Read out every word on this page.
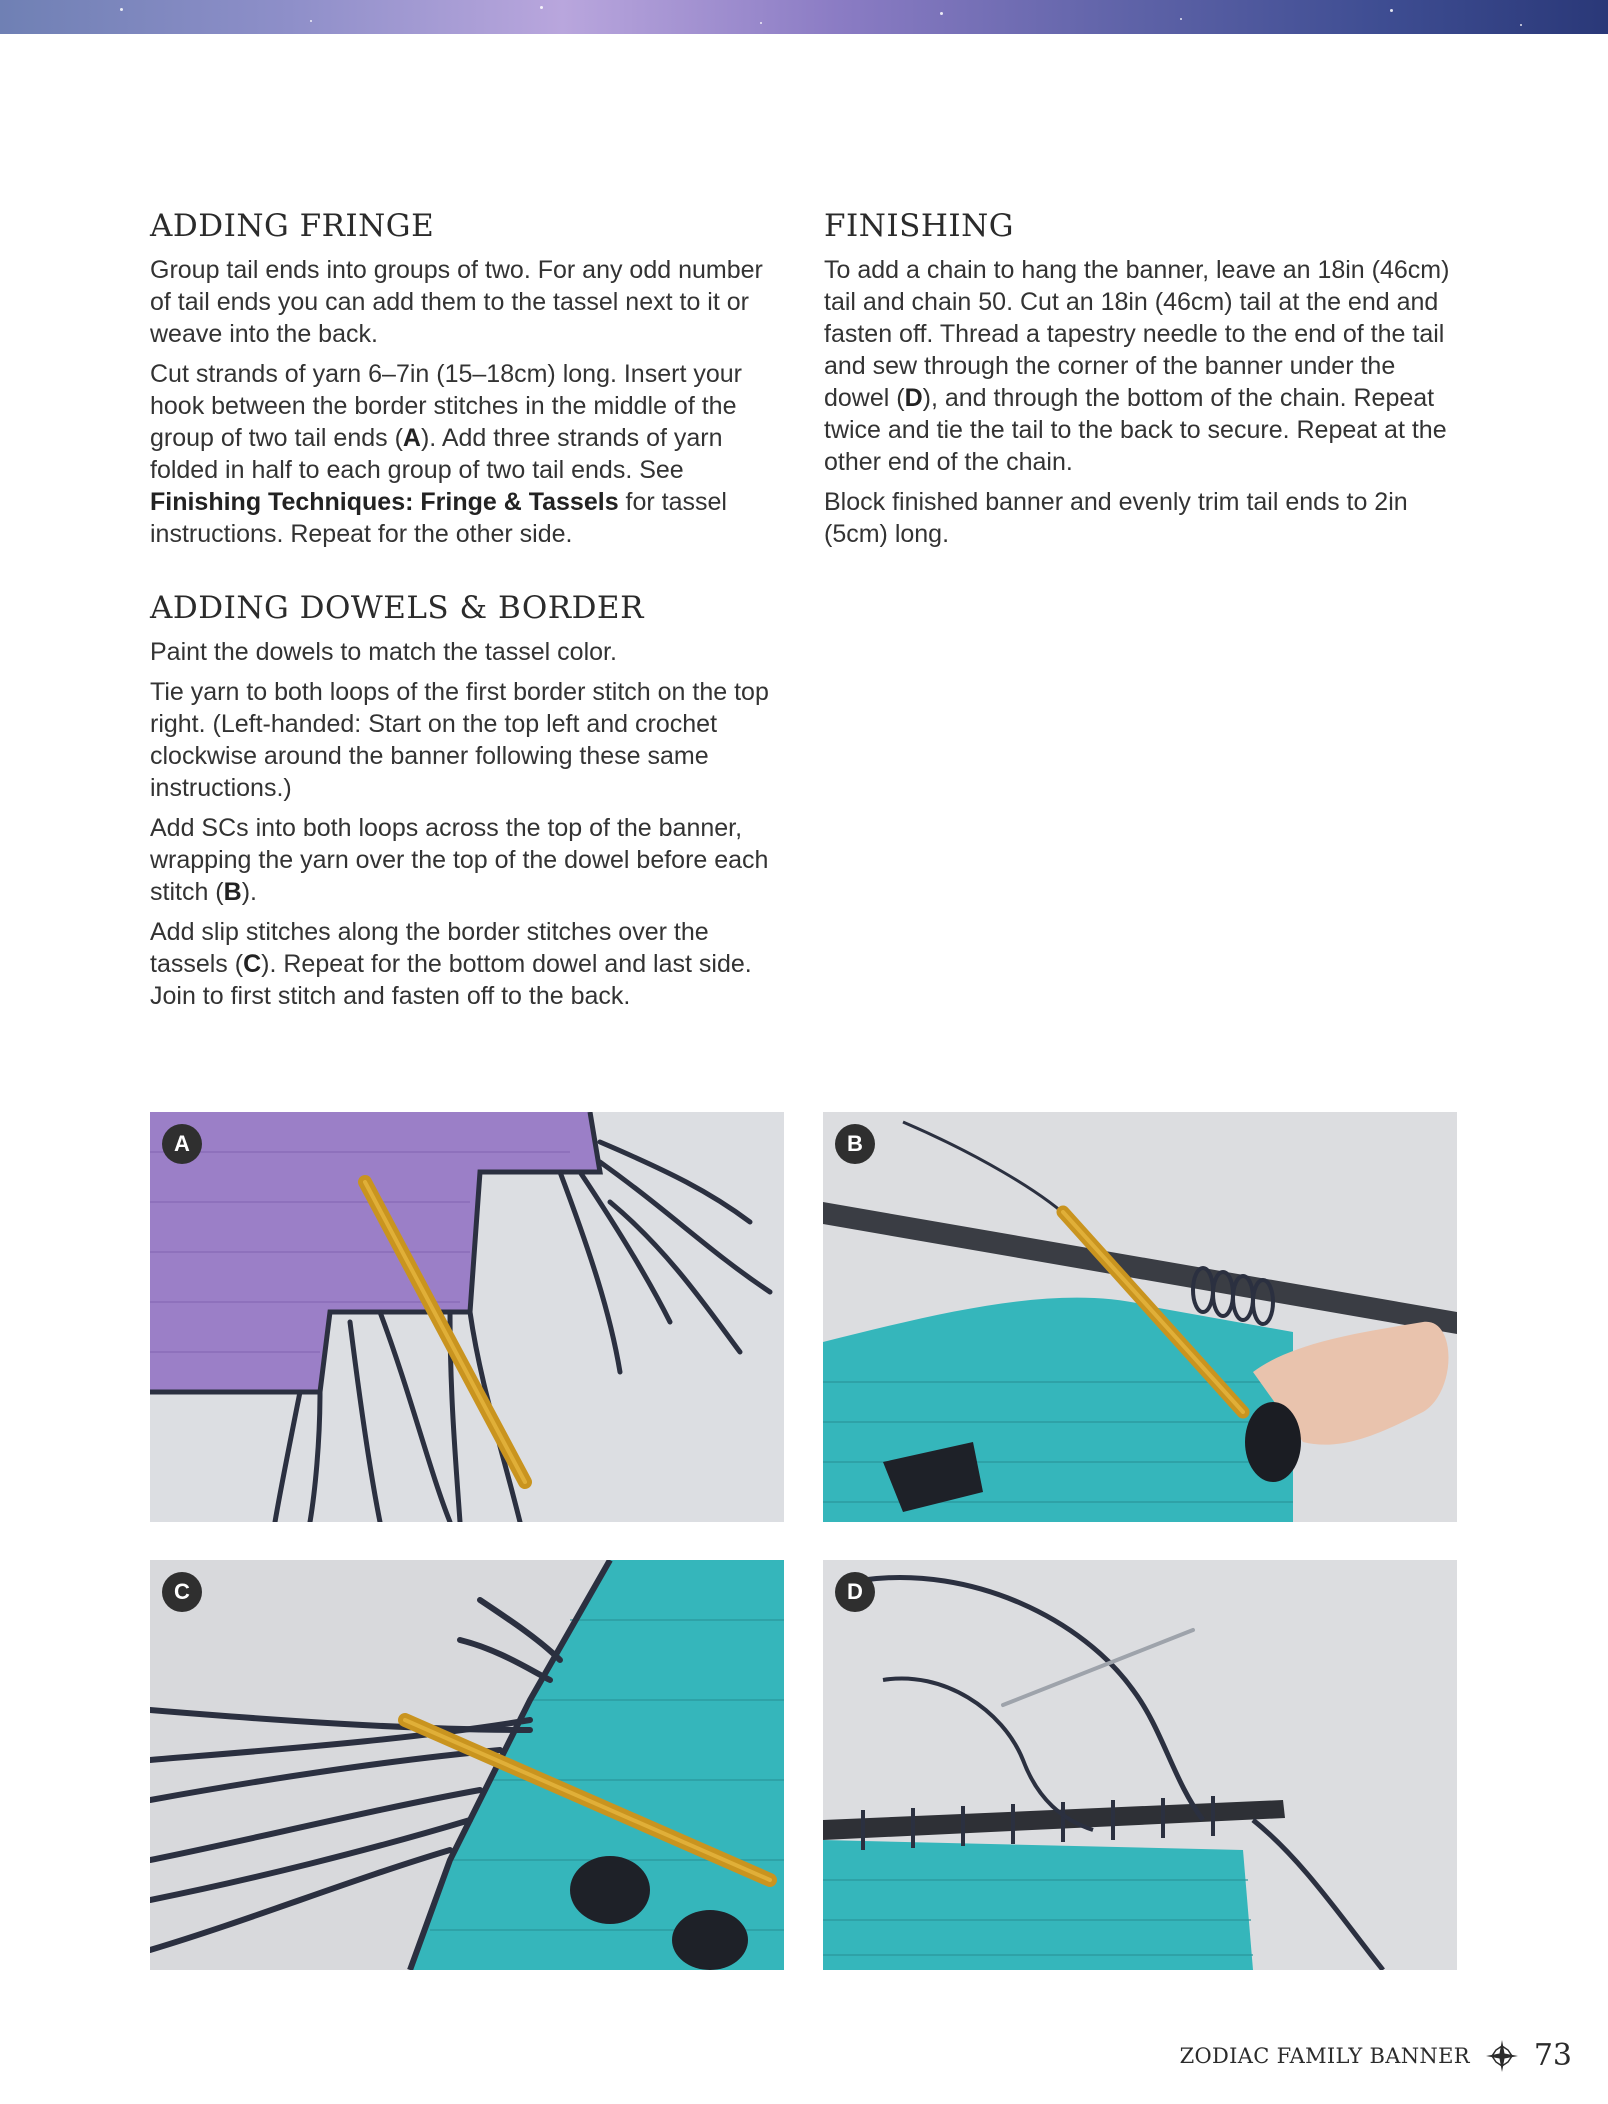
ADDING FRINGE

Group tail ends into groups of two. For any odd number of tail ends you can add them to the tassel next to it or weave into the back.

Cut strands of yarn 6–7in (15–18cm) long. Insert your hook between the border stitches in the middle of the group of two tail ends (A). Add three strands of yarn folded in half to each group of two tail ends. See Finishing Techniques: Fringe & Tassels for tassel instructions. Repeat for the other side.

ADDING DOWELS & BORDER

Paint the dowels to match the tassel color.

Tie yarn to both loops of the first border stitch on the top right. (Left-handed: Start on the top left and crochet clockwise around the banner following these same instructions.)

Add SCs into both loops across the top of the banner, wrapping the yarn over the top of the dowel before each stitch (B).

Add slip stitches along the border stitches over the tassels (C). Repeat for the bottom dowel and last side. Join to first stitch and fasten off to the back.

FINISHING

To add a chain to hang the banner, leave an 18in (46cm) tail and chain 50. Cut an 18in (46cm) tail at the end and fasten off. Thread a tapestry needle to the end of the tail and sew through the corner of the banner under the dowel (D), and through the bottom of the chain. Repeat twice and tie the tail to the back to secure. Repeat at the other end of the chain.

Block finished banner and evenly trim tail ends to 2in (5cm) long.

A	B
C	D
ZODIAC FAMILY BANNER 73
